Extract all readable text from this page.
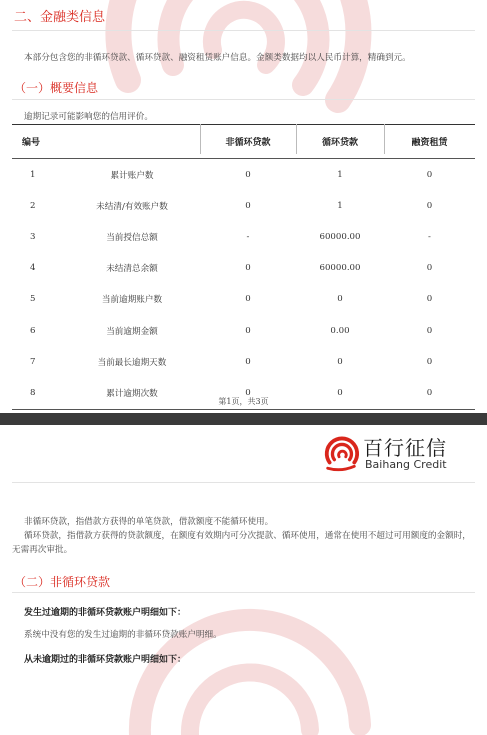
二、金融类信息
本部分包含您的非循环贷款、循环贷款、融资租赁账户信息。金额类数据均以人民币计算，精确到元。
（一）概要信息
逾期记录可能影响您的信用评价。
编号		非循环贷款	循环贷款	融资租赁
1	累计账户数	0	1	0
2	未结清/有效账户数	0	1	0
3	当前授信总额	-	60000.00	-
4	未结清总余额	0	60000.00	0
5	当前逾期账户数	0	0	0
6	当前逾期金额	0	0.00	0
7	当前最长逾期天数	0	0	0
8	累计逾期次数	0	0	0
第1页，共3页
百行征信
Baihang Credit
非循环贷款，指借款方获得的单笔贷款，借款额度不能循环使用。
循环贷款，指借款方获得的贷款额度，在额度有效期内可分次提款、循环使用，通常在使用不超过可用额度的金额时，无需再次审批。
（二）非循环贷款
发生过逾期的非循环贷款账户明细如下：
系统中没有您的发生过逾期的非循环贷款账户明细。
从未逾期过的非循环贷款账户明细如下：
